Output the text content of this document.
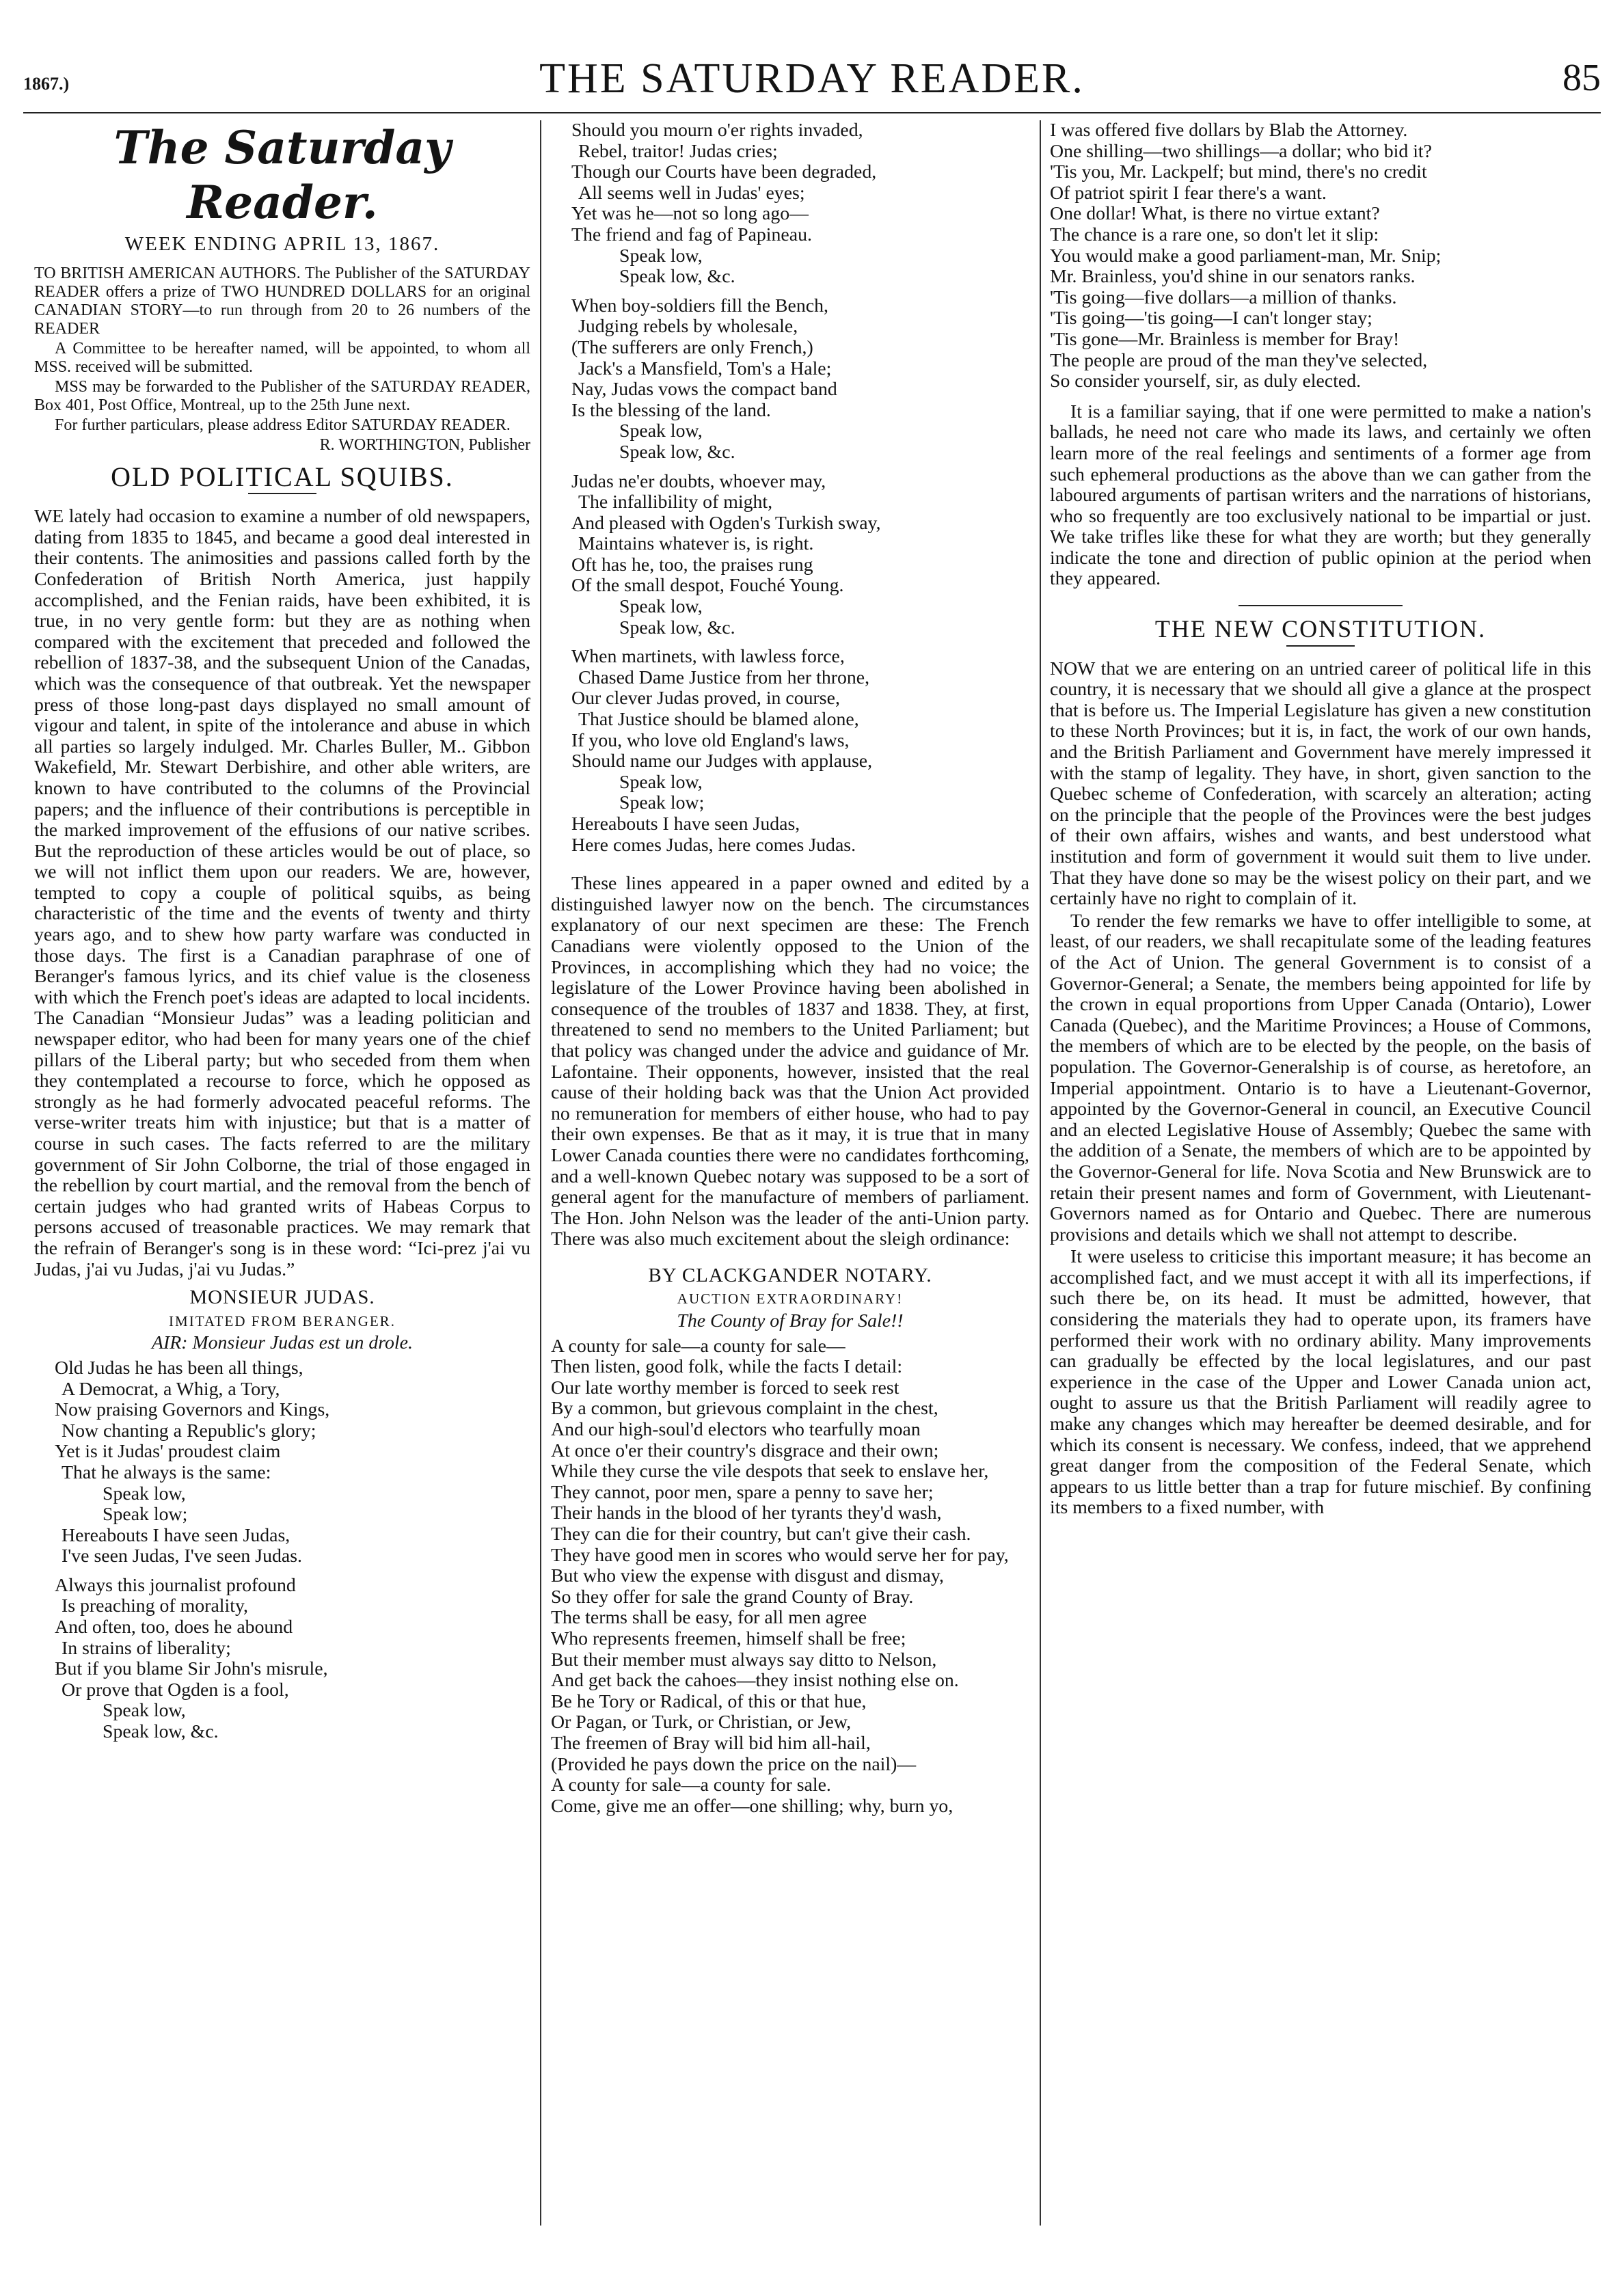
1867.)	THE SATURDAY READER.	85
The Saturday Reader.
WEEK ENDING APRIL 13, 1867.

TO BRITISH AMERICAN AUTHORS. The Publisher of the SATURDAY READER offers a prize of TWO HUNDRED DOLLARS for an original CANADIAN STORY—to run through from 20 to 26 numbers of the READER

A Committee to be hereafter named, will be appointed, to whom all MSS. received will be submitted.

MSS may be forwarded to the Publisher of the SATURDAY READER, Box 401, Post Office, Montreal, up to the 25th June next.

For further particulars, please address Editor SATURDAY READER.

R. WORTHINGTON, Publisher

OLD POLITICAL SQUIBS.

WE lately had occasion to examine a number of old newspapers, dating from 1835 to 1845, and became a good deal interested in their contents. The animosities and passions called forth by the Confederation of British North America, just happily accomplished, and the Fenian raids, have been exhibited, it is true, in no very gentle form: but they are as nothing when compared with the excitement that preceded and followed the rebellion of 1837-38, and the subsequent Union of the Canadas, which was the consequence of that outbreak. Yet the newspaper press of those long-past days displayed no small amount of vigour and talent, in spite of the intolerance and abuse in which all parties so largely indulged. Mr. Charles Buller, M.. Gibbon Wakefield, Mr. Stewart Derbishire, and other able writers, are known to have contributed to the columns of the Provincial papers; and the influence of their contributions is perceptible in the marked improvement of the effusions of our native scribes. But the reproduction of these articles would be out of place, so we will not inflict them upon our readers. We are, however, tempted to copy a couple of political squibs, as being characteristic of the time and the events of twenty and thirty years ago, and to shew how party warfare was conducted in those days. The first is a Canadian paraphrase of one of Beranger's famous lyrics, and its chief value is the closeness with which the French poet's ideas are adapted to local incidents. The Canadian “Monsieur Judas” was a leading politician and newspaper editor, who had been for many years one of the chief pillars of the Liberal party; but who seceded from them when they contemplated a recourse to force, which he opposed as strongly as he had formerly advocated peaceful reforms. The verse-writer treats him with injustice; but that is a matter of course in such cases. The facts referred to are the military government of Sir John Colborne, the trial of those engaged in the rebellion by court martial, and the removal from the bench of certain judges who had granted writs of Habeas Corpus to persons accused of treasonable practices. We may remark that the refrain of Beranger's song is in these word: “Ici-prez j'ai vu Judas, j'ai vu Judas, j'ai vu Judas.”

MONSIEUR JUDAS.
IMITATED FROM BERANGER.
AIR: Monsieur Judas est un drole.
Old Judas he has been all things,
A Democrat, a Whig, a Tory,
Now praising Governors and Kings,
Now chanting a Republic's glory;
Yet is it Judas' proudest claim
That he always is the same:
Speak low,
Speak low;
Hereabouts I have seen Judas,
I've seen Judas, I've seen Judas.

Always this journalist profound
Is preaching of morality,
And often, too, does he abound
In strains of liberality;
But if you blame Sir John's misrule,
Or prove that Ogden is a fool,
Speak low,
Speak low, &c.
Should you mourn o'er rights invaded,
Rebel, traitor! Judas cries;
Though our Courts have been degraded,
All seems well in Judas' eyes;
Yet was he—not so long ago—
The friend and fag of Papineau.
Speak low,
Speak low, &c.

When boy-soldiers fill the Bench,
Judging rebels by wholesale,
(The sufferers are only French,)
Jack's a Mansfield, Tom's a Hale;
Nay, Judas vows the compact band
Is the blessing of the land.
Speak low,
Speak low, &c.

Judas ne'er doubts, whoever may,
The infallibility of might,
And pleased with Ogden's Turkish sway,
Maintains whatever is, is right.
Oft has he, too, the praises rung
Of the small despot, Fouché Young.
Speak low,
Speak low, &c.

When martinets, with lawless force,
Chased Dame Justice from her throne,
Our clever Judas proved, in course,
That Justice should be blamed alone,
If you, who love old England's laws,
Should name our Judges with applause,
Speak low,
Speak low;
Hereabouts I have seen Judas,
Here comes Judas, here comes Judas.

These lines appeared in a paper owned and edited by a distinguished lawyer now on the bench. The circumstances explanatory of our next specimen are these: The French Canadians were violently opposed to the Union of the Provinces, in accomplishing which they had no voice; the legislature of the Lower Province having been abolished in consequence of the troubles of 1837 and 1838. They, at first, threatened to send no members to the United Parliament; but that policy was changed under the advice and guidance of Mr. Lafontaine. Their opponents, however, insisted that the real cause of their holding back was that the Union Act provided no remuneration for members of either house, who had to pay their own expenses. Be that as it may, it is true that in many Lower Canada counties there were no candidates forthcoming, and a well-known Quebec notary was supposed to be a sort of general agent for the manufacture of members of parliament. The Hon. John Nelson was the leader of the anti-Union party. There was also much excitement about the sleigh ordinance:

BY CLACKGANDER NOTARY.
AUCTION EXTRAORDINARY!
The County of Bray for Sale!!
A county for sale—a county for sale—
Then listen, good folk, while the facts I detail:
Our late worthy member is forced to seek rest
By a common, but grievous complaint in the chest,
And our high-soul'd electors who tearfully moan
At once o'er their country's disgrace and their own;
While they curse the vile despots that seek to enslave her,
They cannot, poor men, spare a penny to save her;
Their hands in the blood of her tyrants they'd wash,
They can die for their country, but can't give their cash.
They have good men in scores who would serve her for pay,
But who view the expense with disgust and dismay,
So they offer for sale the grand County of Bray.
The terms shall be easy, for all men agree
Who represents freemen, himself shall be free;
But their member must always say ditto to Nelson,
And get back the cahoes—they insist nothing else on.
Be he Tory or Radical, of this or that hue,
Or Pagan, or Turk, or Christian, or Jew,
The freemen of Bray will bid him all-hail,
(Provided he pays down the price on the nail)—
A county for sale—a county for sale.
Come, give me an offer—one shilling; why, burn yo,
I was offered five dollars by Blab the Attorney.
One shilling—two shillings—a dollar; who bid it?
'Tis you, Mr. Lackpelf; but mind, there's no credit
Of patriot spirit I fear there's a want.
One dollar! What, is there no virtue extant?
The chance is a rare one, so don't let it slip:
You would make a good parliament-man, Mr. Snip;
Mr. Brainless, you'd shine in our senators ranks.
'Tis going—five dollars—a million of thanks.
'Tis going—'tis going—I can't longer stay;
'Tis gone—Mr. Brainless is member for Bray!
The people are proud of the man they've selected,
So consider yourself, sir, as duly elected.

It is a familiar saying, that if one were permitted to make a nation's ballads, he need not care who made its laws, and certainly we often learn more of the real feelings and sentiments of a former age from such ephemeral productions as the above than we can gather from the laboured arguments of partisan writers and the narrations of historians, who so frequently are too exclusively national to be impartial or just. We take trifles like these for what they are worth; but they generally indicate the tone and direction of public opinion at the period when they appeared.

THE NEW CONSTITUTION.

NOW that we are entering on an untried career of political life in this country, it is necessary that we should all give a glance at the prospect that is before us. The Imperial Legislature has given a new constitution to these North Provinces; but it is, in fact, the work of our own hands, and the British Parliament and Government have merely impressed it with the stamp of legality. They have, in short, given sanction to the Quebec scheme of Confederation, with scarcely an alteration; acting on the principle that the people of the Provinces were the best judges of their own affairs, wishes and wants, and best understood what institution and form of government it would suit them to live under. That they have done so may be the wisest policy on their part, and we certainly have no right to complain of it.

To render the few remarks we have to offer intelligible to some, at least, of our readers, we shall recapitulate some of the leading features of the Act of Union. The general Government is to consist of a Governor-General; a Senate, the members being appointed for life by the crown in equal proportions from Upper Canada (Ontario), Lower Canada (Quebec), and the Maritime Provinces; a House of Commons, the members of which are to be elected by the people, on the basis of population. The Governor-Generalship is of course, as heretofore, an Imperial appointment. Ontario is to have a Lieutenant-Governor, appointed by the Governor-General in council, an Executive Council and an elected Legislative House of Assembly; Quebec the same with the addition of a Senate, the members of which are to be appointed by the Governor-General for life. Nova Scotia and New Brunswick are to retain their present names and form of Government, with Lieutenant-Governors named as for Ontario and Quebec. There are numerous provisions and details which we shall not attempt to describe.

It were useless to criticise this important measure; it has become an accomplished fact, and we must accept it with all its imperfections, if such there be, on its head. It must be admitted, however, that considering the materials they had to operate upon, its framers have performed their work with no ordinary ability. Many improvements can gradually be effected by the local legislatures, and our past experience in the case of the Upper and Lower Canada union act, ought to assure us that the British Parliament will readily agree to make any changes which may hereafter be deemed desirable, and for which its consent is necessary. We confess, indeed, that we apprehend great danger from the composition of the Federal Senate, which appears to us little better than a trap for future mischief. By confining its members to a fixed number, with
